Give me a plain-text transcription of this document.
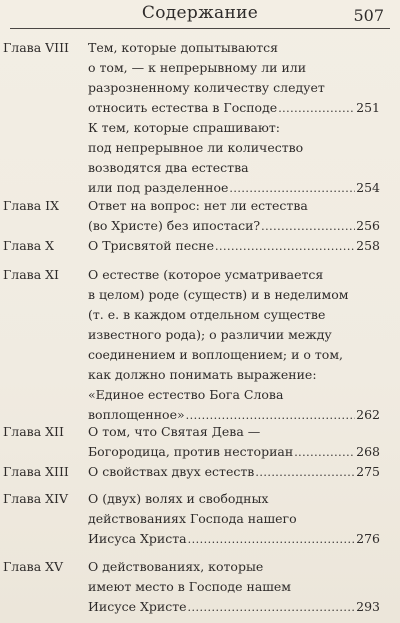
Содержание	507
Глава VIII	Тем, которые допытываются
о том, — к непрерывному ли или
разрозненному количеству следует
относить естества в Господе .....	251
К тем, которые спрашивают:
под непрерывное ли количество
возводятся два естества
или под разделенное .....	254
Глава IX	Ответ на вопрос: нет ли естества
(во Христе) без ипостаси? .....	256
Глава X	О Трисвятой песне .....	258
Глава XI	О естестве (которое усматривается
в целом) роде (существ) и в неделимом
(т. е. в каждом отдельном существе
известного рода); о различии между
соединением и воплощением; и о том,
как должно понимать выражение:
«Единое естество Бога Слова
воплощенное» .....	262
Глава XII	О том, что Святая Дева —
Богородица, против несториан .....	268
Глава XIII	О свойствах двух естеств .....	275
Глава XIV	О (двух) волях и свободных
действованиях Господа нашего
Иисуса Христа .....	276
Глава XV	О действованиях, которые
имеют место в Господе нашем
Иисусе Христе .....	293
